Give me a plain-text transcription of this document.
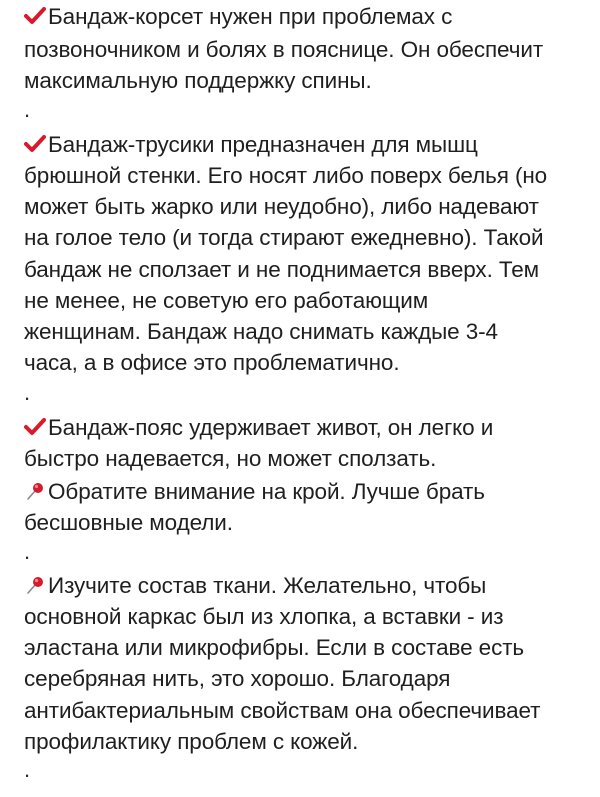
Бандаж-корсет нужен при проблемах с
позвоночником и болях в пояснице. Он обеспечит
максимальную поддержку спины.
.
Бандаж-трусики предназначен для мышц
брюшной стенки. Его носят либо поверх белья (но
может быть жарко или неудобно), либо надевают
на голое тело (и тогда стирают ежедневно). Такой
бандаж не сползает и не поднимается вверх. Тем
не менее, не советую его работающим
женщинам. Бандаж надо снимать каждые 3-4
часа, а в офисе это проблематично.
.
Бандаж-пояс удерживает живот, он легко и
быстро надевается, но может сползать.
Обратите внимание на крой. Лучше брать
бесшовные модели.
.
Изучите состав ткани. Желательно, чтобы
основной каркас был из хлопка, а вставки - из
эластана или микрофибры. Если в составе есть
серебряная нить, это хорошо. Благодаря
антибактериальным свойствам она обеспечивает
профилактику проблем с кожей.
.
